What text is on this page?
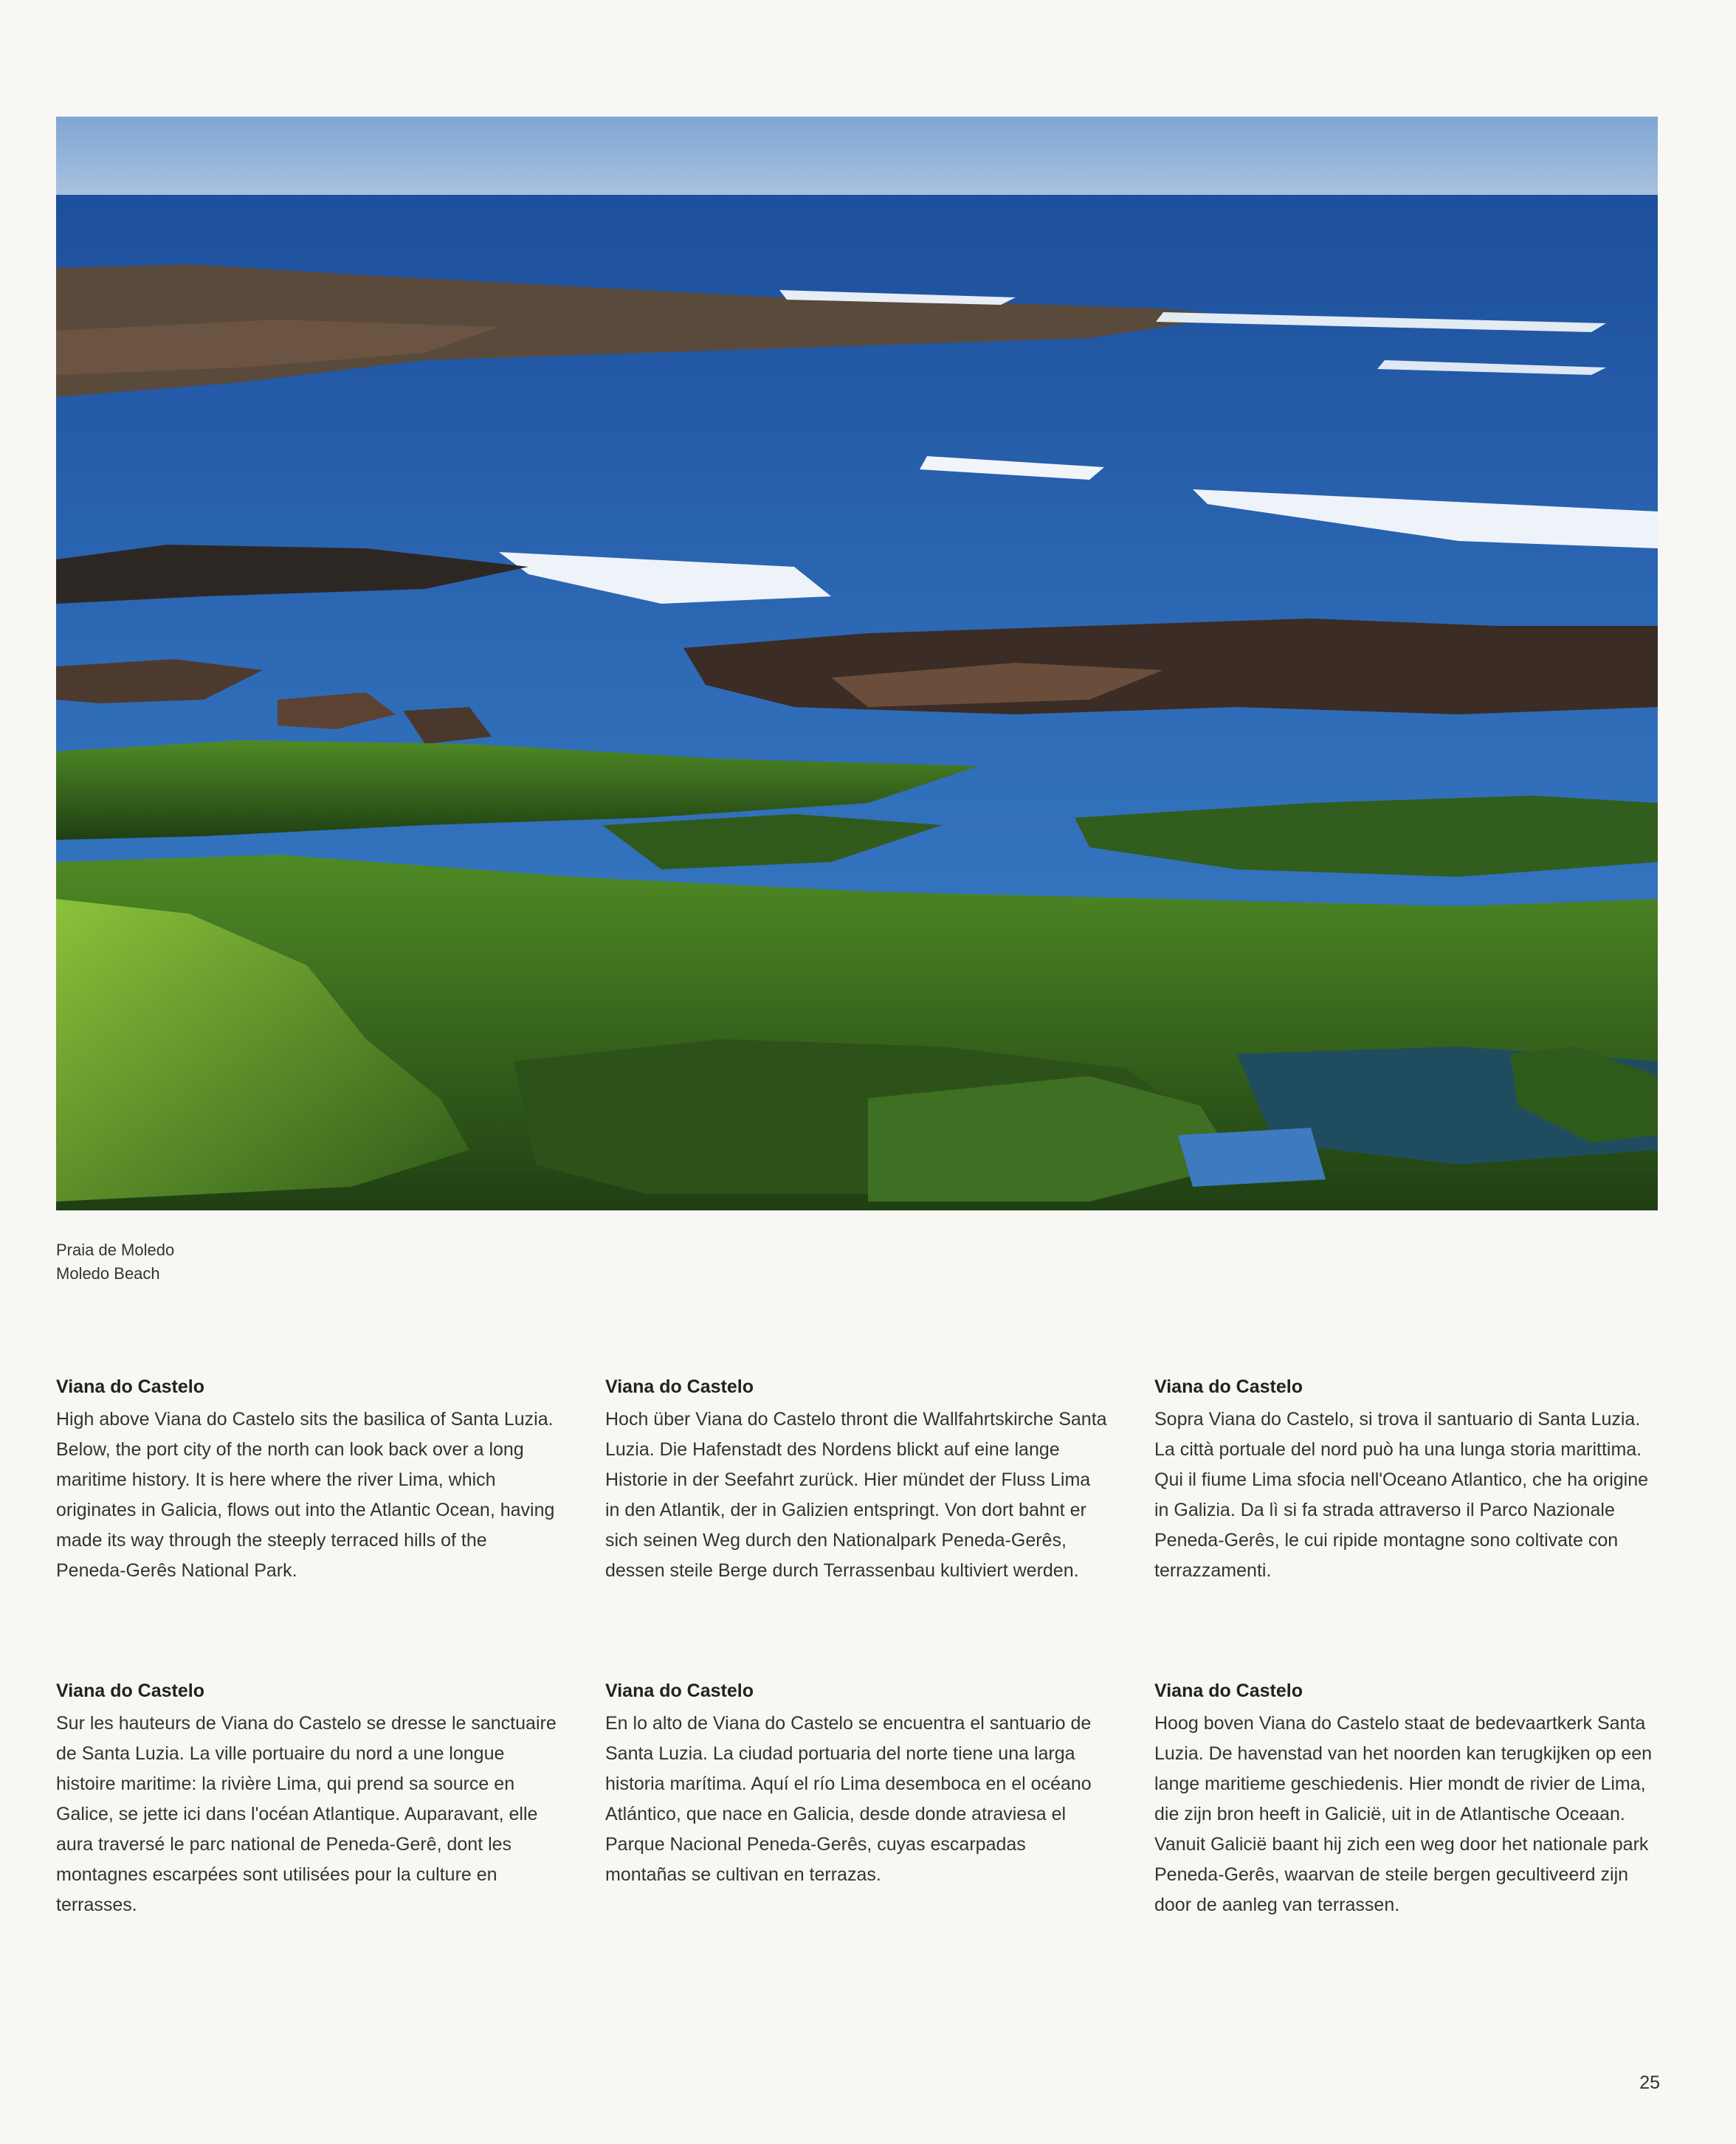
Praia de Moledo
Moledo Beach
Viana do Castelo

High above Viana do Castelo sits the basilica of Santa Luzia. Below, the port city of the north can look back over a long maritime history. It is here where the river Lima, which originates in Galicia, flows out into the Atlantic Ocean, having made its way through the steeply terraced hills of the Peneda-Gerês National Park.

Viana do Castelo

Hoch über Viana do Castelo thront die Wallfahrtskirche Santa Luzia. Die Hafenstadt des Nordens blickt auf eine lange Historie in der Seefahrt zurück. Hier mündet der Fluss Lima in den Atlantik, der in Galizien entspringt. Von dort bahnt er sich seinen Weg durch den Nationalpark Peneda-Gerês, dessen steile Berge durch Terrassenbau kultiviert werden.

Viana do Castelo

Sopra Viana do Castelo, si trova il santuario di Santa Luzia. La città portuale del nord può ha una lunga storia marittima. Qui il fiume Lima sfocia nell'Oceano Atlantico, che ha origine in Galizia. Da lì si fa strada attraverso il Parco Nazionale Peneda-Gerês, le cui ripide montagne sono coltivate con terrazzamenti.

Viana do Castelo

Sur les hauteurs de Viana do Castelo se dresse le sanctuaire de Santa Luzia. La ville portuaire du nord a une longue histoire maritime: la rivière Lima, qui prend sa source en Galice, se jette ici dans l'océan Atlantique. Auparavant, elle aura traversé le parc national de Peneda-Gerê, dont les montagnes escarpées sont utilisées pour la culture en terrasses.

Viana do Castelo

En lo alto de Viana do Castelo se encuentra el santuario de Santa Luzia. La ciudad portuaria del norte tiene una larga historia marítima. Aquí el río Lima desemboca en el océano Atlántico, que nace en Galicia, desde donde atraviesa el Parque Nacional Peneda-Gerês, cuyas escarpadas montañas se cultivan en terrazas.

Viana do Castelo

Hoog boven Viana do Castelo staat de bedevaartkerk Santa Luzia. De havenstad van het noorden kan terugkijken op een lange maritieme geschiedenis. Hier mondt de rivier de Lima, die zijn bron heeft in Galicië, uit in de Atlantische Oceaan. Vanuit Galicië baant hij zich een weg door het nationale park Peneda-Gerês, waarvan de steile bergen gecultiveerd zijn door de aanleg van terrassen.

25
